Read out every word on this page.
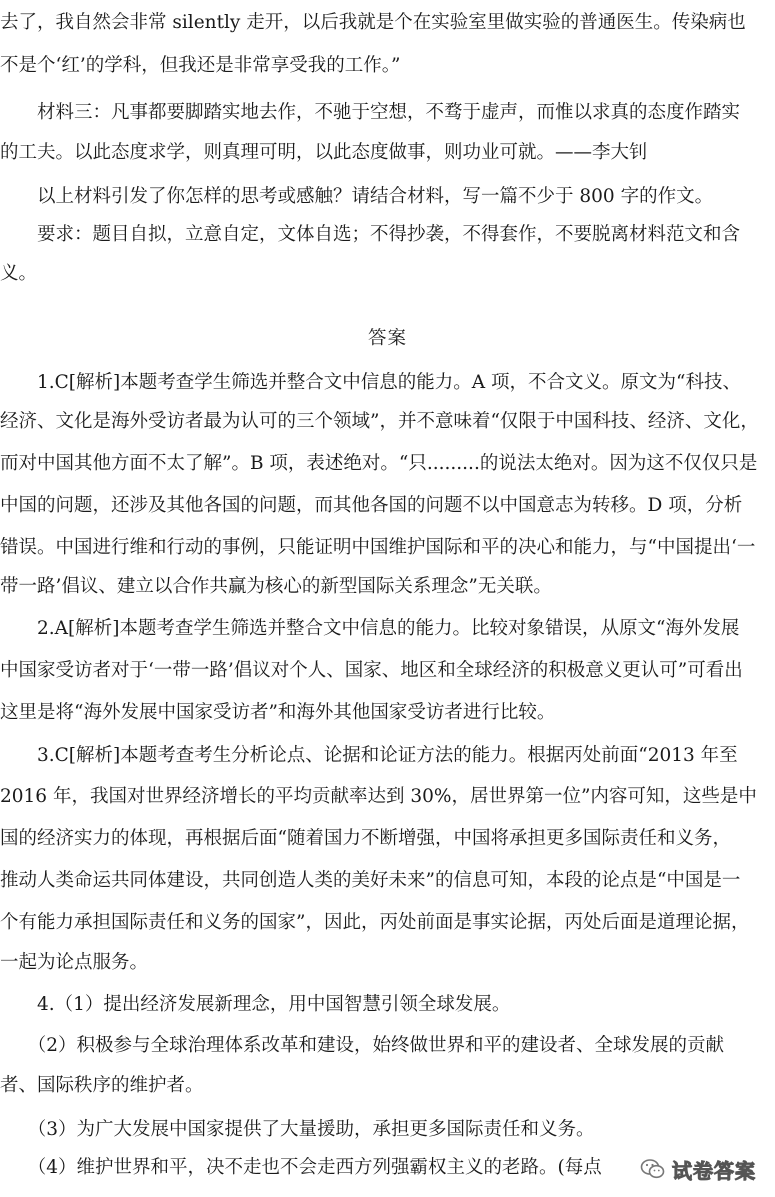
去了，我自然会非常 silently 走开，以后我就是个在实验室里做实验的普通医生。传染病也
不是个‘红’的学科，但我还是非常享受我的工作。”
　　材料三：凡事都要脚踏实地去作，不驰于空想，不骛于虚声，而惟以求真的态度作踏实
的工夫。以此态度求学，则真理可明，以此态度做事，则功业可就。——李大钊
　　以上材料引发了你怎样的思考或感触？请结合材料，写一篇不少于 800 字的作文。
　　要求：题目自拟，立意自定，文体自选；不得抄袭，不得套作，不要脱离材料范文和含
义。
答案
　　1.C[解析]本题考查学生筛选并整合文中信息的能力。A 项，不合文义。原文为“科技、
经济、文化是海外受访者最为认可的三个领域”，并不意味着“仅限于中国科技、经济、文化，
而对中国其他方面不太了解”。B 项，表述绝对。“只.........的说法太绝对。因为这不仅仅只是
中国的问题，还涉及其他各国的问题，而其他各国的问题不以中国意志为转移。D 项，分析
错误。中国进行维和行动的事例，只能证明中国维护国际和平的决心和能力，与“中国提出‘一
带一路’倡议、建立以合作共赢为核心的新型国际关系理念”无关联。
　　2.A[解析]本题考查学生筛选并整合文中信息的能力。比较对象错误，从原文“海外发展
中国家受访者对于‘一带一路’倡议对个人、国家、地区和全球经济的积极意义更认可”可看出
这里是将“海外发展中国家受访者”和海外其他国家受访者进行比较。
　　3.C[解析]本题考查考生分析论点、论据和论证方法的能力。根据丙处前面“2013 年至
2016 年，我国对世界经济增长的平均贡献率达到 30%，居世界第一位”内容可知，这些是中
国的经济实力的体现，再根据后面“随着国力不断增强，中国将承担更多国际责任和义务，
推动人类命运共同体建设，共同创造人类的美好未来”的信息可知，本段的论点是“中国是一
个有能力承担国际责任和义务的国家”，因此，丙处前面是事实论据，丙处后面是道理论据，
一起为论点服务。
　　4.（1）提出经济发展新理念，用中国智慧引领全球发展。
　　（2）积极参与全球治理体系改革和建设，始终做世界和平的建设者、全球发展的贡献
者、国际秩序的维护者。
　　（3）为广大发展中国家提供了大量援助，承担更多国际责任和义务。
　　（4）维护世界和平，决不走也不会走西方列强霸权主义的老路。(每点	试卷答案
